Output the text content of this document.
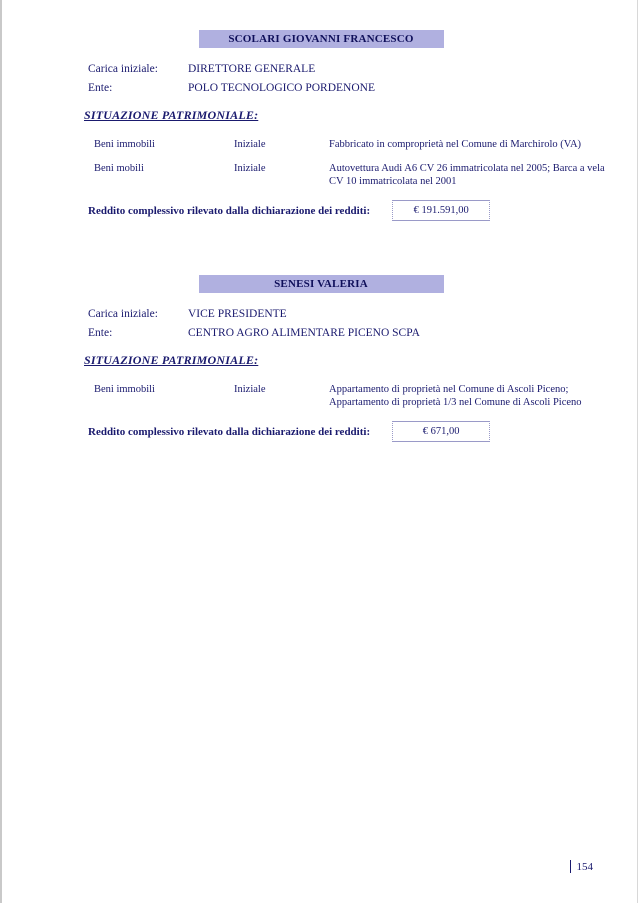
SCOLARI GIOVANNI FRANCESCO
Carica iniziale:	DIRETTORE GENERALE
Ente:	POLO TECNOLOGICO PORDENONE
SITUAZIONE PATRIMONIALE:
Beni immobili	Iniziale	Fabbricato in comproprietà nel Comune di Marchirolo (VA)
Beni mobili	Iniziale	Autovettura Audi A6 CV 26 immatricolata nel 2005; Barca a vela CV 10 immatricolata nel 2001
Reddito complessivo rilevato dalla dichiarazione dei redditi:	€ 191.591,00
SENESI VALERIA
Carica iniziale:	VICE PRESIDENTE
Ente:	CENTRO AGRO ALIMENTARE PICENO SCPA
SITUAZIONE PATRIMONIALE:
Beni immobili	Iniziale	Appartamento di proprietà nel Comune di Ascoli Piceno; Appartamento di proprietà 1/3 nel Comune di Ascoli Piceno
Reddito complessivo rilevato dalla dichiarazione dei redditi:	€ 671,00
154
